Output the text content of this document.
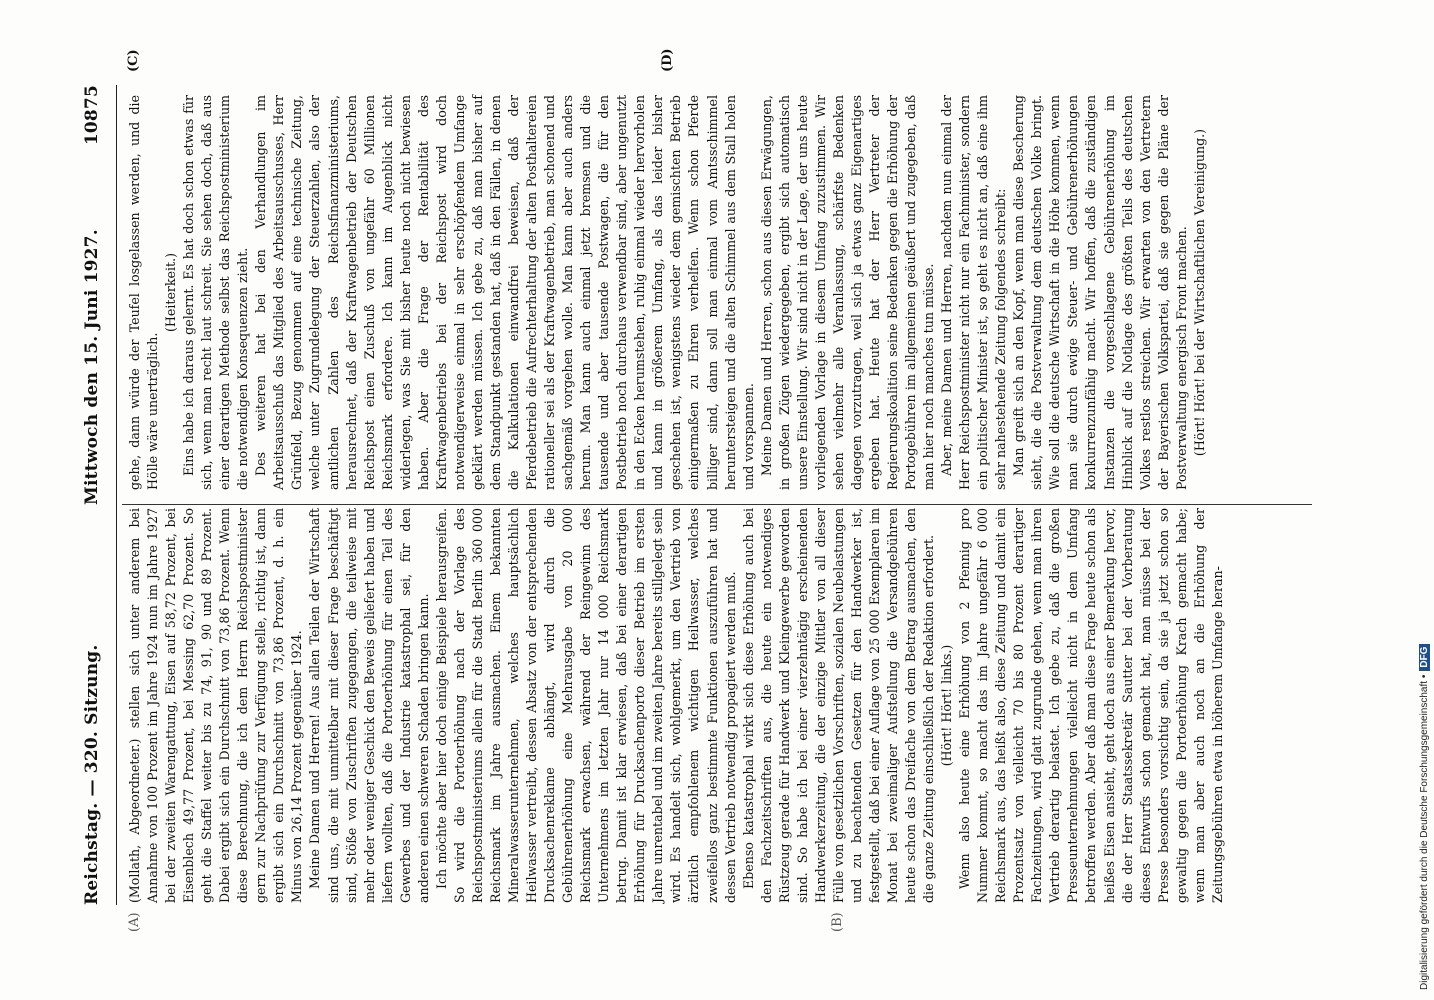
Reichstag. — 320. Sitzung.
Mittwoch den 15. Juni 1927.
10875
(A)	(B)
(C)	(D)

(Mollath, Abgeordneter.) stellen sich unter anderem bei Annahme von 100 Prozent im Jahre 1924 nun im Jahre 1927 bei der zweiten Warengattung, Eisen auf 58,72 Prozent, bei Eisenblech 49,77 Prozent, bei Messing 62,70 Prozent. So geht die Staffel weiter bis zu 74, 91, 90 und 89 Prozent. Dabei ergibt sich ein Durchschnitt von 73,86 Prozent. Wenn diese Berechnung, die ich dem Herrn Reichspostminister gern zur Nachprüfung zur Verfügung stelle, richtig ist, dann ergibt sich ein Durchschnitt von 73,86 Prozent, d. h. ein Minus von 26,14 Prozent gegenüber 1924. Meine Damen und Herren! Aus allen Teilen der Wirtschaft sind uns, die mit unmittelbar mit dieser Frage beschäftigt sind, Stöße von Zuschriften zugegangen, die teilweise mit mehr oder weniger Geschick den Beweis geliefert haben und liefern wollten, daß die Portoerhöhung für einen Teil des Gewerbes und der Industrie katastrophal sei, für den anderen einen schweren Schaden bringen kann. Ich möchte aber hier doch einige Beispiele herausgreifen. So wird die Portoerhöhung nach der Vorlage des Reichspostministeriums allein für die Stadt Berlin 360 000 Reichsmark im Jahre ausmachen. Einem bekannten Mineralwasserunternehmen, welches hauptsächlich Heilwasser vertreibt, dessen Absatz von der entsprechenden Drucksachenreklame abhängt, wird durch die Gebührenerhöhung eine Mehrausgabe von 20 000 Reichsmark erwachsen, während der Reingewinn des Unternehmens im letzten Jahr nur 14 000 Reichsmark betrug. Damit ist klar erwiesen, daß bei einer derartigen Erhöhung für Drucksachenporto dieser Betrieb im ersten Jahre unrentabel und im zweiten Jahre bereits stillgelegt sein wird. Es handelt sich, wohlgemerkt, um den Vertrieb von ärztlich empfohlenem wichtigen Heilwasser, welches zweifellos ganz bestimmte Funktionen auszuführen hat und dessen Vertrieb notwendig propagiert werden muß. Ebenso katastrophal wirkt sich diese Erhöhung auch bei den Fachzeitschriften aus, die heute ein notwendiges Rüstzeug gerade für Handwerk und Kleingewerbe geworden sind. So habe ich bei einer vierzehntägig erscheinenden Handwerkerzeitung, die der einzige Mittler von all dieser Fülle von gesetzlichen Vorschriften, sozialen Neubelastungen und zu beachtenden Gesetzen für den Handwerker ist, festgestellt, daß bei einer Auflage von 25 000 Exemplaren im Monat bei zweimaliger Aufstellung die Versandgebühren heute schon das Dreifache von dem Betrag ausmachen, den die ganze Zeitung einschließlich der Redaktion erfordert. (Hört! Hört! links.) Wenn also heute eine Erhöhung von 2 Pfennig pro Nummer kommt, so macht das im Jahre ungefähr 6 000 Reichsmark aus, das heißt also, diese Zeitung und damit ein Prozentsatz von vielleicht 70 bis 80 Prozent derartiger Fachzeitungen, wird glatt zugrunde gehen, wenn man ihren Vertrieb derartig belastet. Ich gebe zu, daß die großen Presseunternehmungen vielleicht nicht in dem Umfang betroffen werden. Aber daß man diese Frage heute schon als heißes Eisen ansieht, geht doch aus einer Bemerkung hervor, die der Herr Staatssekretär Sautter bei der Vorberatung dieses Entwurfs schon gemacht hat, man müsse bei der Presse besonders vorsichtig sein, da sie ja jetzt schon so gewaltig gegen die Portoerhöhung Krach gemacht habe; wenn man aber auch noch an die Erhöhung der Zeitungsgebühren etwa in höherem Umfange heran-

gehe, dann würde der Teufel losgelassen werden, und die Hölle wäre unerträglich.

(Heiterkeit.) Eins habe ich daraus gelernt. Es hat doch schon etwas für sich, wenn man recht laut schreit. Sie sehen doch, daß aus einer derartigen Methode selbst das Reichspostministerium die notwendigen Konsequenzen zieht. Des weiteren hat bei den Verhandlungen im Arbeitsausschuß das Mitglied des Arbeitsausschusses, Herr Grünfeld, Bezug genommen auf eine technische Zeitung, welche unter Zugrundelegung der Steuerzahlen, also der amtlichen Zahlen des Reichsfinanzministeriums, herausrechnet, daß der Kraftwagenbetrieb der Deutschen Reichspost einen Zuschuß von ungefähr 60 Millionen Reichsmark erfordere. Ich kann im Augenblick nicht widerlegen, was Sie mit bisher heute noch nicht bewiesen haben. Aber die Frage der Rentabilität des Kraftwagenbetriebs bei der Reichspost wird doch notwendigerweise einmal in sehr erschöpfendem Umfange geklärt werden müssen. Ich gebe zu, daß man bisher auf dem Standpunkt gestanden hat, daß in den Fällen, in denen die Kalkulationen einwandfrei beweisen, daß der Pferdebetrieb die Aufrechterhaltung der alten Posthaltereien rationeller sei als der Kraftwagenbetrieb, man schonend und sachgemäß vorgehen wolle. Man kann aber auch anders herum. Man kann auch einmal jetzt bremsen und die tausende und aber tausende Postwagen, die für den Postbetrieb noch durchaus verwendbar sind, aber ungenutzt in den Ecken herumstehen, ruhig einmal wieder hervorholen und kann in größerem Umfang, als das leider bisher geschehen ist, wenigstens wieder dem gemischten Betrieb einigermaßen zu Ehren verhelfen. Wenn schon Pferde billiger sind, dann soll man einmal vom Amtsschimmel heruntersteigen und die alten Schimmel aus dem Stall holen und vorspannen. Meine Damen und Herren, schon aus diesen Erwägungen, in großen Zügen wiedergegeben, ergibt sich automatisch unsere Einstellung. Wir sind nicht in der Lage, der uns heute vorliegenden Vorlage in diesem Umfang zuzustimmen. Wir sehen vielmehr alle Veranlassung, schärfste Bedenken dagegen vorzutragen, weil sich ja etwas ganz Eigenartiges ergeben hat. Heute hat der Herr Vertreter der Regierungskoalition seine Bedenken gegen die Erhöhung der Portogebühren im allgemeinen geäußert und zugegeben, daß man hier noch manches tun müsse. Aber, meine Damen und Herren, nachdem nun einmal der Herr Reichspostminister nicht nur ein Fachminister, sondern ein politischer Minister ist, so geht es nicht an, daß eine ihm sehr nahestehende Zeitung folgendes schreibt: Man greift sich an den Kopf, wenn man diese Bescherung sieht, die die Postverwaltung dem deutschen Volke bringt. Wie soll die deutsche Wirtschaft in die Höhe kommen, wenn man sie durch ewige Steuer- und Gebührenerhöhungen konkurrenzunfähig macht. Wir hoffen, daß die zuständigen Instanzen die vorgeschlagene Gebührenerhöhung im Hinblick auf die Notlage des größten Teils des deutschen Volkes restlos streichen. Wir erwarten von den Vertretern der Bayerischen Volkspartei, daß sie gegen die Pläne der Postverwaltung energisch Front machen. (Hört! Hört! bei der Wirtschaftlichen Vereinigung.)

Digitalisierung gefördert durch die Deutsche Forschungsgemeinschaft •DFG
